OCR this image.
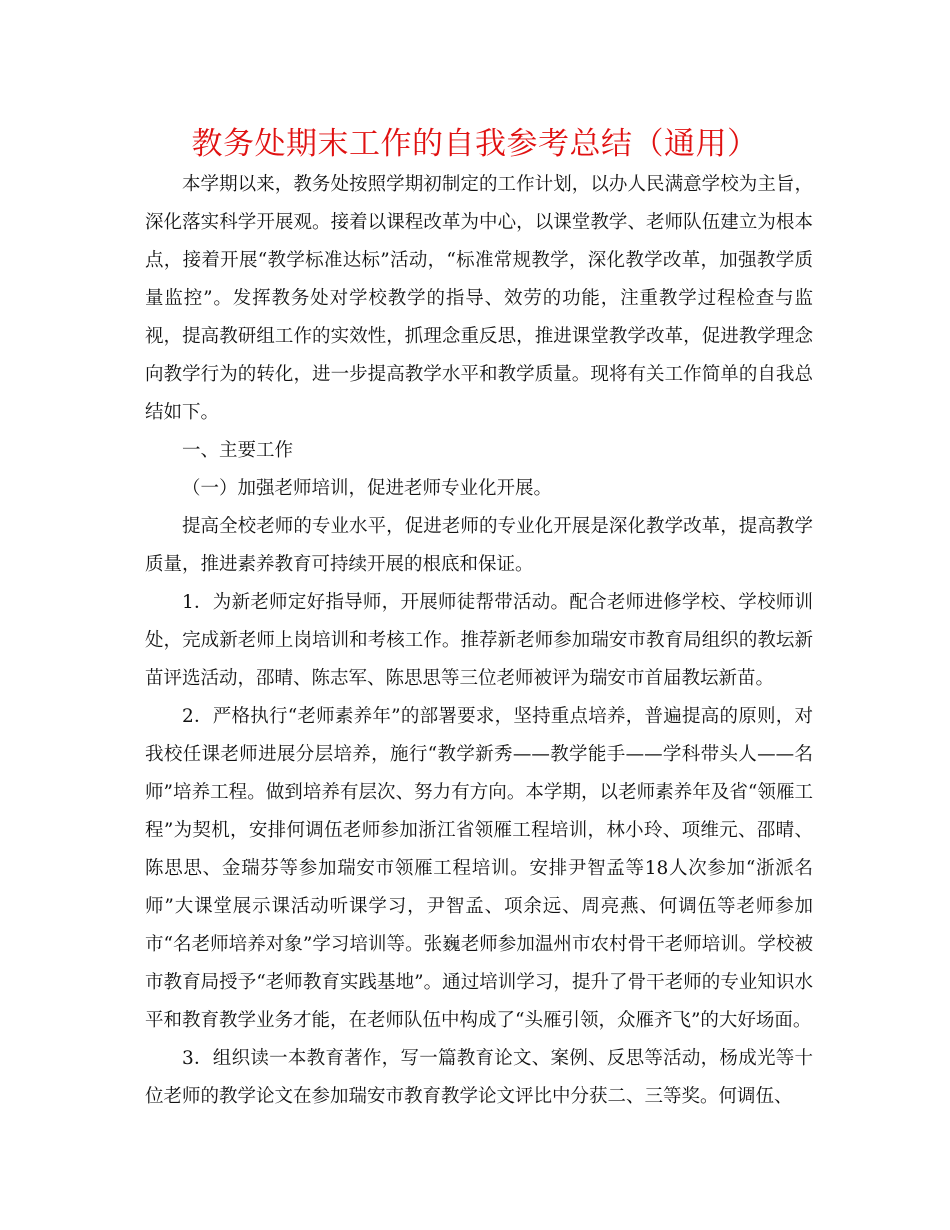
教务处期末工作的自我参考总结（通用）

本学期以来，教务处按照学期初制定的工作计划，以办人民满意学校为主旨，深化落实科学开展观。接着以课程改革为中心，以课堂教学、老师队伍建立为根本点，接着开展“教学标准达标”活动，“标准常规教学，深化教学改革，加强教学质量监控”。发挥教务处对学校教学的指导、效劳的功能，注重教学过程检查与监视，提高教研组工作的实效性，抓理念重反思，推进课堂教学改革，促进教学理念向教学行为的转化，进一步提高教学水平和教学质量。现将有关工作简单的自我总结如下。

一、主要工作

（一）加强老师培训，促进老师专业化开展。

提高全校老师的专业水平，促进老师的专业化开展是深化教学改革，提高教学质量，推进素养教育可持续开展的根底和保证。

1．为新老师定好指导师，开展师徒帮带活动。配合老师进修学校、学校师训处，完成新老师上岗培训和考核工作。推荐新老师参加瑞安市教育局组织的教坛新苗评选活动，邵晴、陈志军、陈思思等三位老师被评为瑞安市首届教坛新苗。

2．严格执行“老师素养年”的部署要求，坚持重点培养，普遍提高的原则，对我校任课老师进展分层培养，施行“教学新秀——教学能手——学科带头人——名师”培养工程。做到培养有层次、努力有方向。本学期，以老师素养年及省“领雁工程”为契机，安排何调伍老师参加浙江省领雁工程培训，林小玲、项维元、邵晴、陈思思、金瑞芬等参加瑞安市领雁工程培训。安排尹智孟等18人次参加“浙派名师”大课堂展示课活动听课学习，尹智孟、项余远、周亮燕、何调伍等老师参加市“名老师培养对象”学习培训等。张巍老师参加温州市农村骨干老师培训。学校被市教育局授予“老师教育实践基地”。通过培训学习，提升了骨干老师的专业知识水平和教育教学业务才能，在老师队伍中构成了“头雁引领，众雁齐飞”的大好场面。

3．组织读一本教育著作，写一篇教育论文、案例、反思等活动，杨成光等十位老师的教学论文在参加瑞安市教育教学论文评比中分获二、三等奖。何调伍、
